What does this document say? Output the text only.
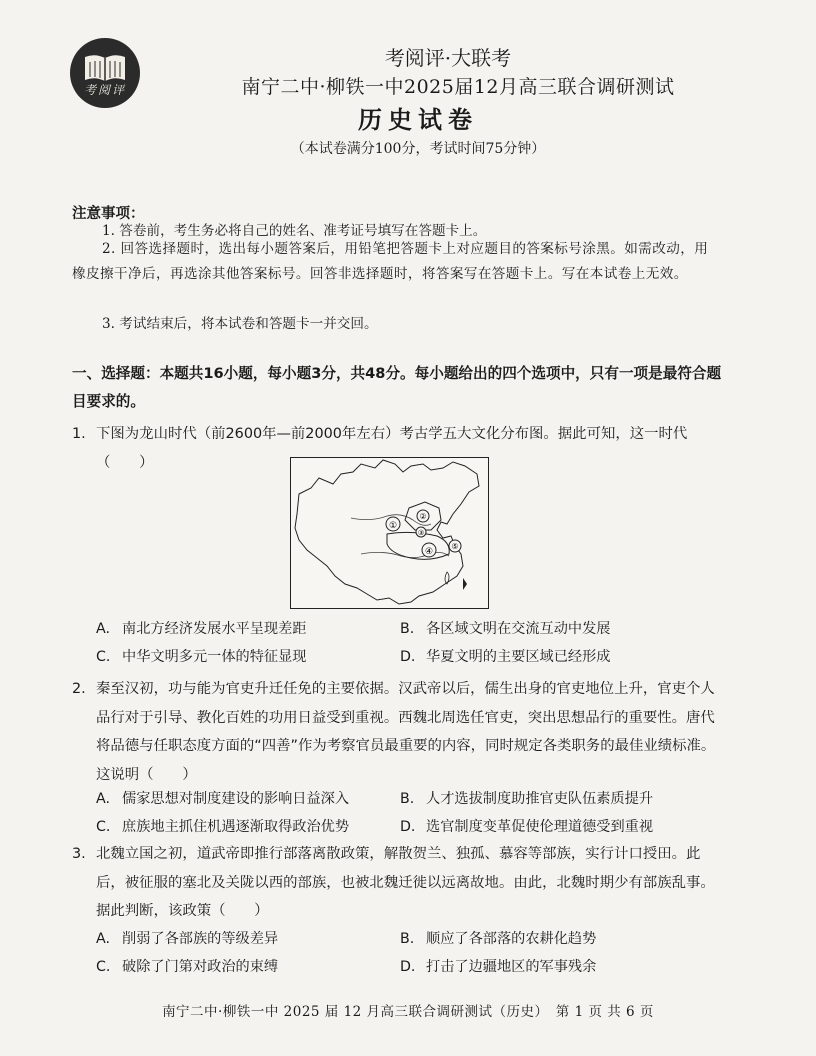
考阅评
考阅评·大联考
南宁二中·柳铁一中2025届12月高三联合调研测试
历史试卷
（本试卷满分100分，考试时间75分钟）
注意事项：
1. 答卷前，考生务必将自己的姓名、准考证号填写在答题卡上。
2. 回答选择题时，选出每小题答案后，用铅笔把答题卡上对应题目的答案标号涂黑。如需改动，用橡皮擦干净后，再选涂其他答案标号。回答非选择题时，将答案写在答题卡上。写在本试卷上无效。
3. 考试结束后，将本试卷和答题卡一并交回。
一、选择题：本题共16小题，每小题3分，共48分。每小题给出的四个选项中，只有一项是最符合题目要求的。
1. 下图为龙山时代（前2600年—前2000年左右）考古学五大文化分布图。据此可知，这一时代（　　）
①
②
③
④
⑤
A. 南北方经济发展水平呈现差距	B. 各区域文明在交流互动中发展
C. 中华文明多元一体的特征显现	D. 华夏文明的主要区域已经形成
2. 秦至汉初，功与能为官吏升迁任免的主要依据。汉武帝以后，儒生出身的官吏地位上升，官吏个人品行对于引导、教化百姓的功用日益受到重视。西魏北周选任官吏，突出思想品行的重要性。唐代将品德与任职态度方面的“四善”作为考察官员最重要的内容，同时规定各类职务的最佳业绩标准。这说明（　　）
A. 儒家思想对制度建设的影响日益深入	B. 人才选拔制度助推官吏队伍素质提升
C. 庶族地主抓住机遇逐渐取得政治优势	D. 选官制度变革促使伦理道德受到重视
3. 北魏立国之初，道武帝即推行部落离散政策，解散贺兰、独孤、慕容等部族，实行计口授田。此后，被征服的塞北及关陇以西的部族，也被北魏迁徙以远离故地。由此，北魏时期少有部族乱事。据此判断，该政策（　　）
A. 削弱了各部族的等级差异	B. 顺应了各部落的农耕化趋势
C. 破除了门第对政治的束缚	D. 打击了边疆地区的军事残余
南宁二中·柳铁一中 2025 届 12 月高三联合调研测试（历史）　第 1 页 共 6 页
